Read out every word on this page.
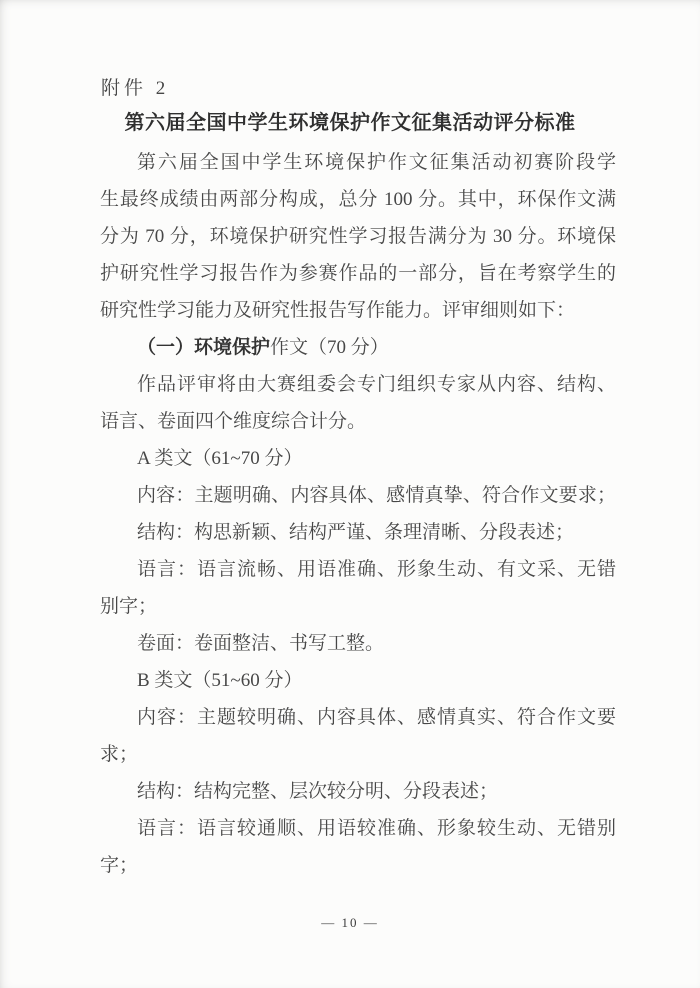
附件 2
第六届全国中学生环境保护作文征集活动评分标准
第六届全国中学生环境保护作文征集活动初赛阶段学
生最终成绩由两部分构成，总分 100 分。其中，环保作文满
分为 70 分，环境保护研究性学习报告满分为 30 分。环境保
护研究性学习报告作为参赛作品的一部分，旨在考察学生的
研究性学习能力及研究性报告写作能力。评审细则如下：
（一）环境保护作文（70 分）
作品评审将由大赛组委会专门组织专家从内容、结构、
语言、卷面四个维度综合计分。
A 类文（61~70 分）
内容：主题明确、内容具体、感情真挚、符合作文要求；
结构：构思新颖、结构严谨、条理清晰、分段表述；
语言：语言流畅、用语准确、形象生动、有文采、无错
别字；
卷面：卷面整洁、书写工整。
B 类文（51~60 分）
内容：主题较明确、内容具体、感情真实、符合作文要
求；
结构：结构完整、层次较分明、分段表述；
语言：语言较通顺、用语较准确、形象较生动、无错别
字；
— 10 —
